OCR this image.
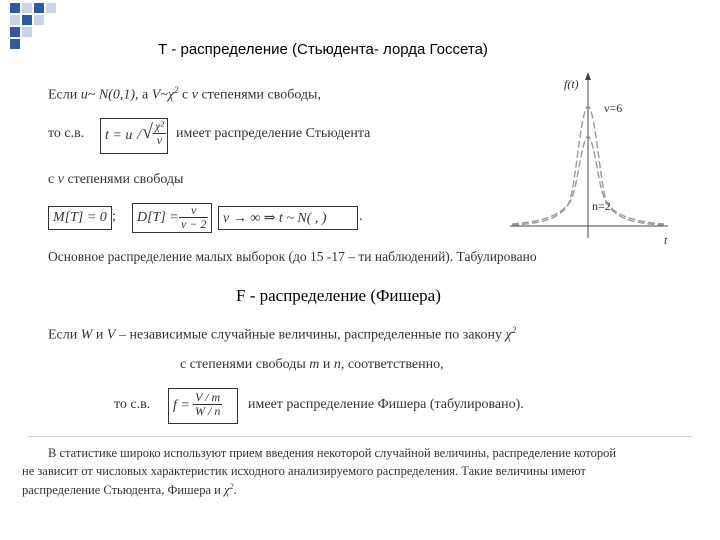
Т - распределение (Стьюдента- лорда Госсета)
Если u~ N(0,1), а $V\sim\chi^2$ с ν степенями свободы,
то с.в. t = u / √ $\frac{\text{χ²}}{\nu}$ имеет распределение Стьюдента
с ν степенями свободы
M[T] = 0 ; $D[T] = \frac{\nu}{\nu - 2}$ ν → ∞ ⇒ t ~ N( , ) .
Основное распределение малых выборок (до 15 -17 – ти наблюдений). Табулировано
f(t)
t
ν=6
n=2
F - распределение (Фишера)
Если W и V – независимые случайные величины, распределенные по закону $\chi^2$
с степенями свободы m и n, соответственно,
то с.в. $f = \frac{V / m}{W / n}$ имеет распределение Фишера (табулировано).
В статистике широко используют прием введения некоторой случайной величины, распределение которой
не зависит от числовых характеристик исходного анализируемого распределения. Такие величины имеют
распределение Стьюдента, Фишера и $\chi^2$.
